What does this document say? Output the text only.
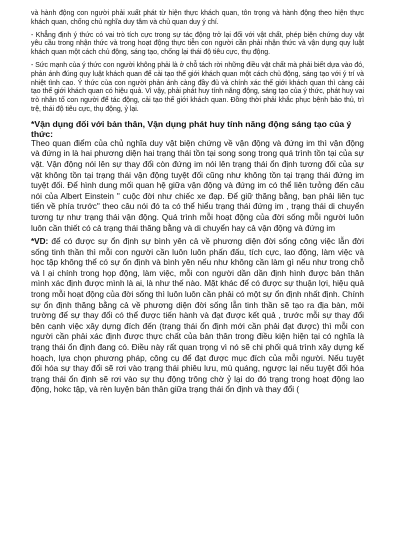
và hành động con người phải xuất phát từ hiện thực khách quan, tôn trọng và hành động theo hiện thực khách quan, chống chủ nghĩa duy tâm và chủ quan duy ý chí.

- Khẳng định ý thức có vai trò tích cực trong sự tác động trở lại đối với vật chất, phép biện chứng duy vật yêu cầu trong nhận thức và trong hoạt động thực tiễn con người cần phải nhận thức và vận dụng quy luật khách quan một cách chủ động, sáng tạo, chống lại thái độ tiêu cực, thụ động.

- Sức mạnh của ý thức con người không phải là ở chỗ tách rời những điều vật chất mà phải biết dựa vào đó, phản ánh đúng quy luật khách quan để cải tạo thế giới khách quan một cách chủ động, sáng tạo với ý trí và nhiệt tình cao. Ý thức của con người phản ánh càng đầy đủ và chính xác thế giới khách quan thì càng cải tạo thế giới khách quan có hiệu quả. Vì vậy, phải phát huy tính năng động, sáng tạo của ý thức, phát huy vai trò nhân tố con người để tác động, cải tạo thế giới khách quan. Đồng thời phải khắc phục bệnh bảo thủ, trì trệ, thái độ tiêu cực, thụ động, ỷ lại.

*Vận dụng đối với bản thân, Vận dụng phát huy tính năng động sáng tạo của ý thức:

Theo quan điểm của chủ nghĩa duy vật biện chứng về vận động và đứng im thì vận động và đứng in là hai phương diện hai trạng thái tồn tại song song trong quá trình tồn tại của sự vật. Vận động nói lên sự thay đổi còn đứng im nói lên trạng thái ổn định tương đối của sự vật không tồn tại trạng thái vận động tuyệt đối cũng như không tồn tại trạng thái đứng im tuyệt đối. Để hình dung mối quan hệ giữa vận động và đứng im có thể liên tưởng đến câu nói của Albert Einstein " cuộc đời như chiếc xe đạp. Để giữ thăng bằng, bạn phải liên tục tiến về phía trước" theo câu nói đó ta có thể hiểu trạng thái đứng im , trạng thái di chuyển tương tự như trạng thái vận động. Quá trình mỗi hoạt động của đời sống mỗi người luôn luôn cần thiết có cả trạng thái thăng bằng và di chuyển hay cả vận động và đứng im

*VD: để có được sự ổn định sự bình yên cả về phương diện đời sống công việc lẫn đời sống tinh thần thì mỗi con người cần luôn luôn phấn đấu, tích cực, lao động, làm việc và học tập không thể có sự ổn định và bình yên nếu như không cần làm gì nếu như trong chỗ và l ại chính trong họp động, làm việc, mỗi con người dần dần định hình được bản thân mình xác định được mình là ai, là như thế nào. Mặt khác để có được sự thuận lợi, hiệu quả trong mỗi hoạt động của đời sống thì luôn luôn cần phải có một sự ổn định nhất định. Chính sự ổn định thăng bằng cả về phương diện đời sống lẫn tinh thần sẽ tạo ra địa bàn, môi trường để sự thay đổi có thể được tiến hành và đạt được kết quả , trước mỗi sự thay đổi bên cạnh việc xây dựng đích đến (trạng thái ổn định mới cần phải đạt được) thì mỗi con người cần phải xác định được thực chất của bản thân trong điều kiện hiện tại có nghĩa là trạng thái ổn định đang có. Điều này rất quan trọng vì nó sẽ chi phối quá trình xây dựng kế hoạch, lựa chọn phương pháp, công cụ để đạt được mục đích của mỗi người. Nếu tuyệt đối hóa sự thay đổi sẽ rơi vào trạng thái phiêu lưu, mù quáng, ngược lại nếu tuyệt đối hóa trạng thái ổn định sẽ rơi vào sự thụ động trông chờ ỷ lại do đó trạng trong hoạt động lao động, hokc tập, và rèn luyện bản thân giữa trạng thái ổn định và thay đổi (
